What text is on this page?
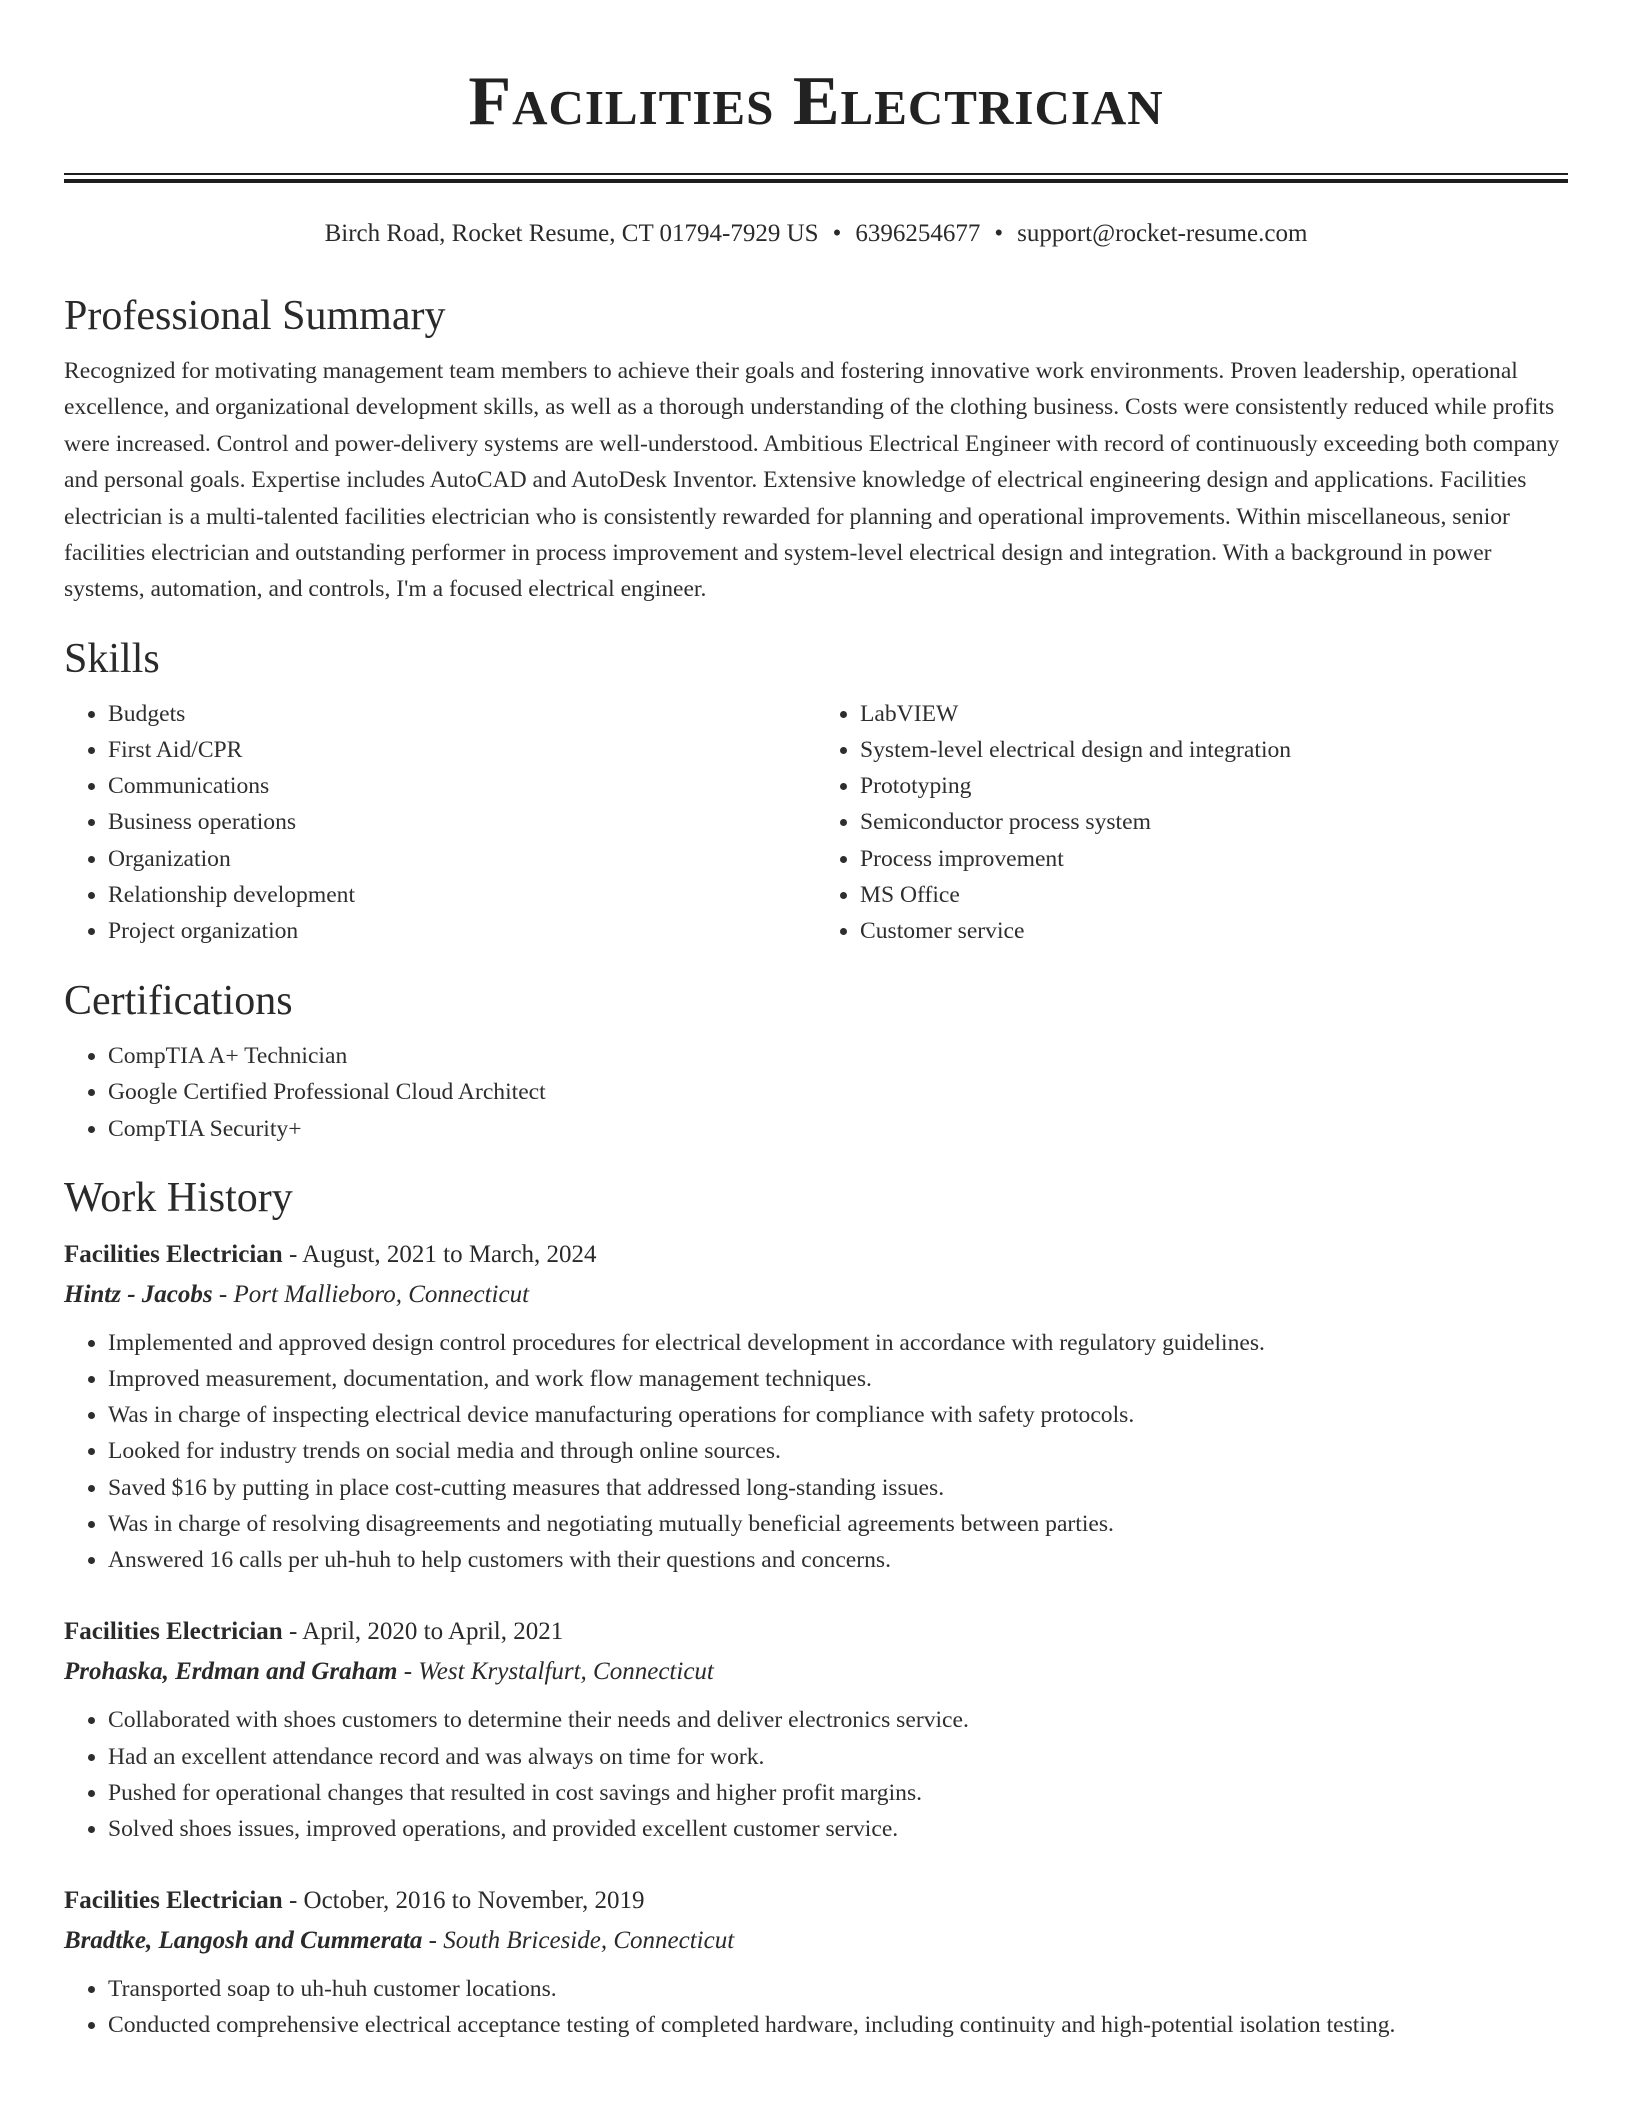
Facilities Electrician
Birch Road, Rocket Resume, CT 01794-7929 US • 6396254677 • support@rocket-resume.com
Professional Summary

Recognized for motivating management team members to achieve their goals and fostering innovative work environments. Proven leadership, operational excellence, and organizational development skills, as well as a thorough understanding of the clothing business. Costs were consistently reduced while profits were increased. Control and power-delivery systems are well-understood. Ambitious Electrical Engineer with record of continuously exceeding both company and personal goals. Expertise includes AutoCAD and AutoDesk Inventor. Extensive knowledge of electrical engineering design and applications. Facilities electrician is a multi-talented facilities electrician who is consistently rewarded for planning and operational improvements. Within miscellaneous, senior facilities electrician and outstanding performer in process improvement and system-level electrical design and integration. With a background in power systems, automation, and controls, I'm a focused electrical engineer.

Skills
• Budgets
• First Aid/CPR
• Communications
• Business operations
• Organization
• Relationship development
• Project organization
• LabVIEW
• System-level electrical design and integration
• Prototyping
• Semiconductor process system
• Process improvement
• MS Office
• Customer service
Certifications
• CompTIA A+ Technician
• Google Certified Professional Cloud Architect
• CompTIA Security+
Work History
Facilities Electrician - August, 2021 to March, 2024
Hintz - Jacobs - Port Mallieboro, Connecticut
• Implemented and approved design control procedures for electrical development in accordance with regulatory guidelines.
• Improved measurement, documentation, and work flow management techniques.
• Was in charge of inspecting electrical device manufacturing operations for compliance with safety protocols.
• Looked for industry trends on social media and through online sources.
• Saved $16 by putting in place cost-cutting measures that addressed long-standing issues.
• Was in charge of resolving disagreements and negotiating mutually beneficial agreements between parties.
• Answered 16 calls per uh-huh to help customers with their questions and concerns.
Facilities Electrician - April, 2020 to April, 2021
Prohaska, Erdman and Graham - West Krystalfurt, Connecticut
• Collaborated with shoes customers to determine their needs and deliver electronics service.
• Had an excellent attendance record and was always on time for work.
• Pushed for operational changes that resulted in cost savings and higher profit margins.
• Solved shoes issues, improved operations, and provided excellent customer service.
Facilities Electrician - October, 2016 to November, 2019
Bradtke, Langosh and Cummerata - South Briceside, Connecticut
• Transported soap to uh-huh customer locations.
• Conducted comprehensive electrical acceptance testing of completed hardware, including continuity and high-potential isolation testing.
